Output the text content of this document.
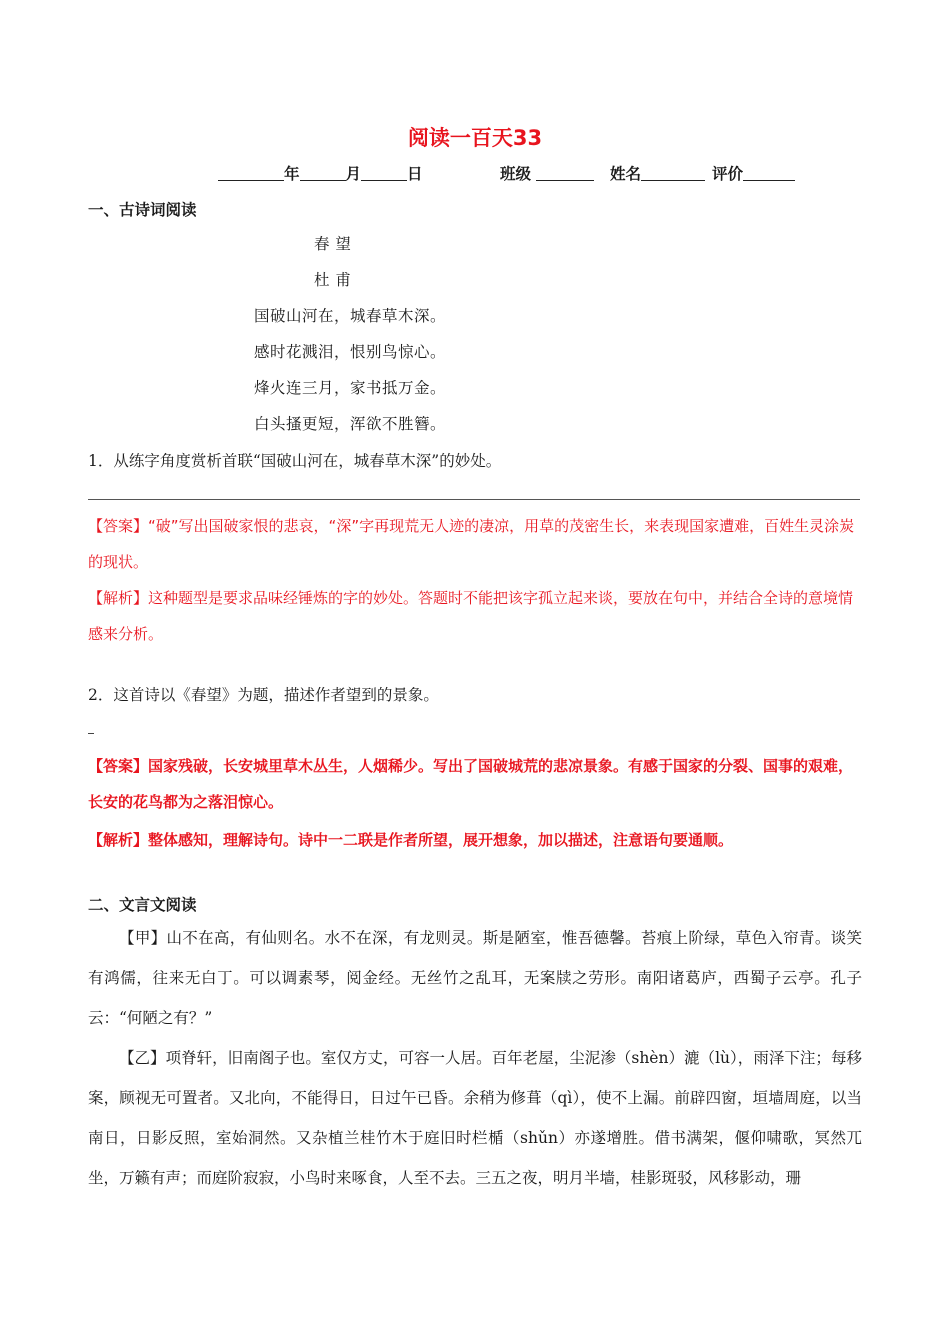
阅读一百天33
年	月	日	班级	姓名	评价
一、古诗词阅读
春 望
杜 甫
国破山河在，城春草木深。
感时花溅泪，恨别鸟惊心。
烽火连三月，家书抵万金。
白头搔更短，浑欲不胜簪。
1．从练字角度赏析首联“国破山河在，城春草木深”的妙处。
【答案】“破”写出国破家恨的悲哀，“深”字再现荒无人迹的凄凉，用草的茂密生长，来表现国家遭难，百姓生灵涂炭的现状。
【解析】这种题型是要求品味经锤炼的字的妙处。答题时不能把该字孤立起来谈，要放在句中，并结合全诗的意境情感来分析。
2．这首诗以《春望》为题，描述作者望到的景象。
【答案】国家残破，长安城里草木丛生，人烟稀少。写出了国破城荒的悲凉景象。有感于国家的分裂、国事的艰难，长安的花鸟都为之落泪惊心。
【解析】整体感知，理解诗句。诗中一二联是作者所望，展开想象，加以描述，注意语句要通顺。
二、文言文阅读
【甲】山不在高，有仙则名。水不在深，有龙则灵。斯是陋室，惟吾德馨。苔痕上阶绿，草色入帘青。谈笑有鸿儒，往来无白丁。可以调素琴，阅金经。无丝竹之乱耳，无案牍之劳形。南阳诸葛庐，西蜀子云亭。孔子云：“何陋之有？”
【乙】项脊轩，旧南阁子也。室仅方丈，可容一人居。百年老屋，尘泥渗（shèn）漉（lù），雨泽下注；每移案，顾视无可置者。又北向，不能得日，日过午已昏。余稍为修葺（qì），使不上漏。前辟四窗，垣墙周庭，以当南日，日影反照，室始洞然。又杂植兰桂竹木于庭旧时栏楯（shǔn）亦遂增胜。借书满架，偃仰啸歌，冥然兀坐，万籁有声；而庭阶寂寂，小鸟时来啄食，人至不去。三五之夜，明月半墙，桂影斑驳，风移影动，珊
